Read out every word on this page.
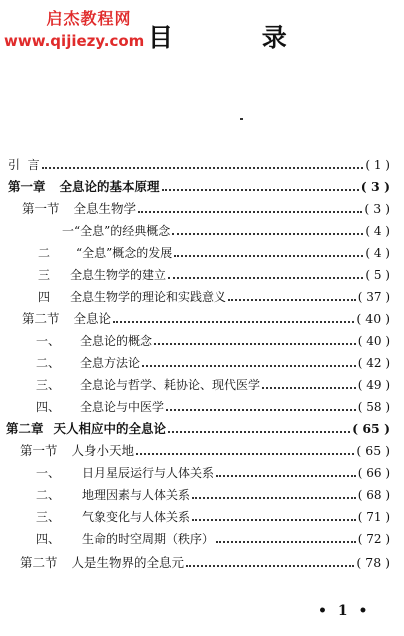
启杰教程网
www.qijiezy.com 目 录
引  言	( 1 )
第一章 全息论的基本原理	( 3 )
第一节 全息生物学	( 3 )
一 “全息”的经典概念	( 4 )
二 “全息”概念的发展	( 4 )
三 全息生物学的建立	( 5 )
四 全息生物学的理论和实践意义	( 37 )
第二节 全息论	( 40 )
一、 全息论的概念	( 40 )
二、 全息方法论	( 42 )
三、 全息论与哲学、耗协论、现代医学	( 49 )
四、 全息论与中医学	( 58 )
第二章 天人相应中的全息论	( 65 )
第一节 人身小天地	( 65 )
一、 日月星辰运行与人体关系	( 66 )
二、 地理因素与人体关系	( 68 )
三、 气象变化与人体关系	( 71 )
四、 生命的时空周期（秩序）	( 72 )
第二节 人是生物界的全息元	( 78 )
• 1 •
